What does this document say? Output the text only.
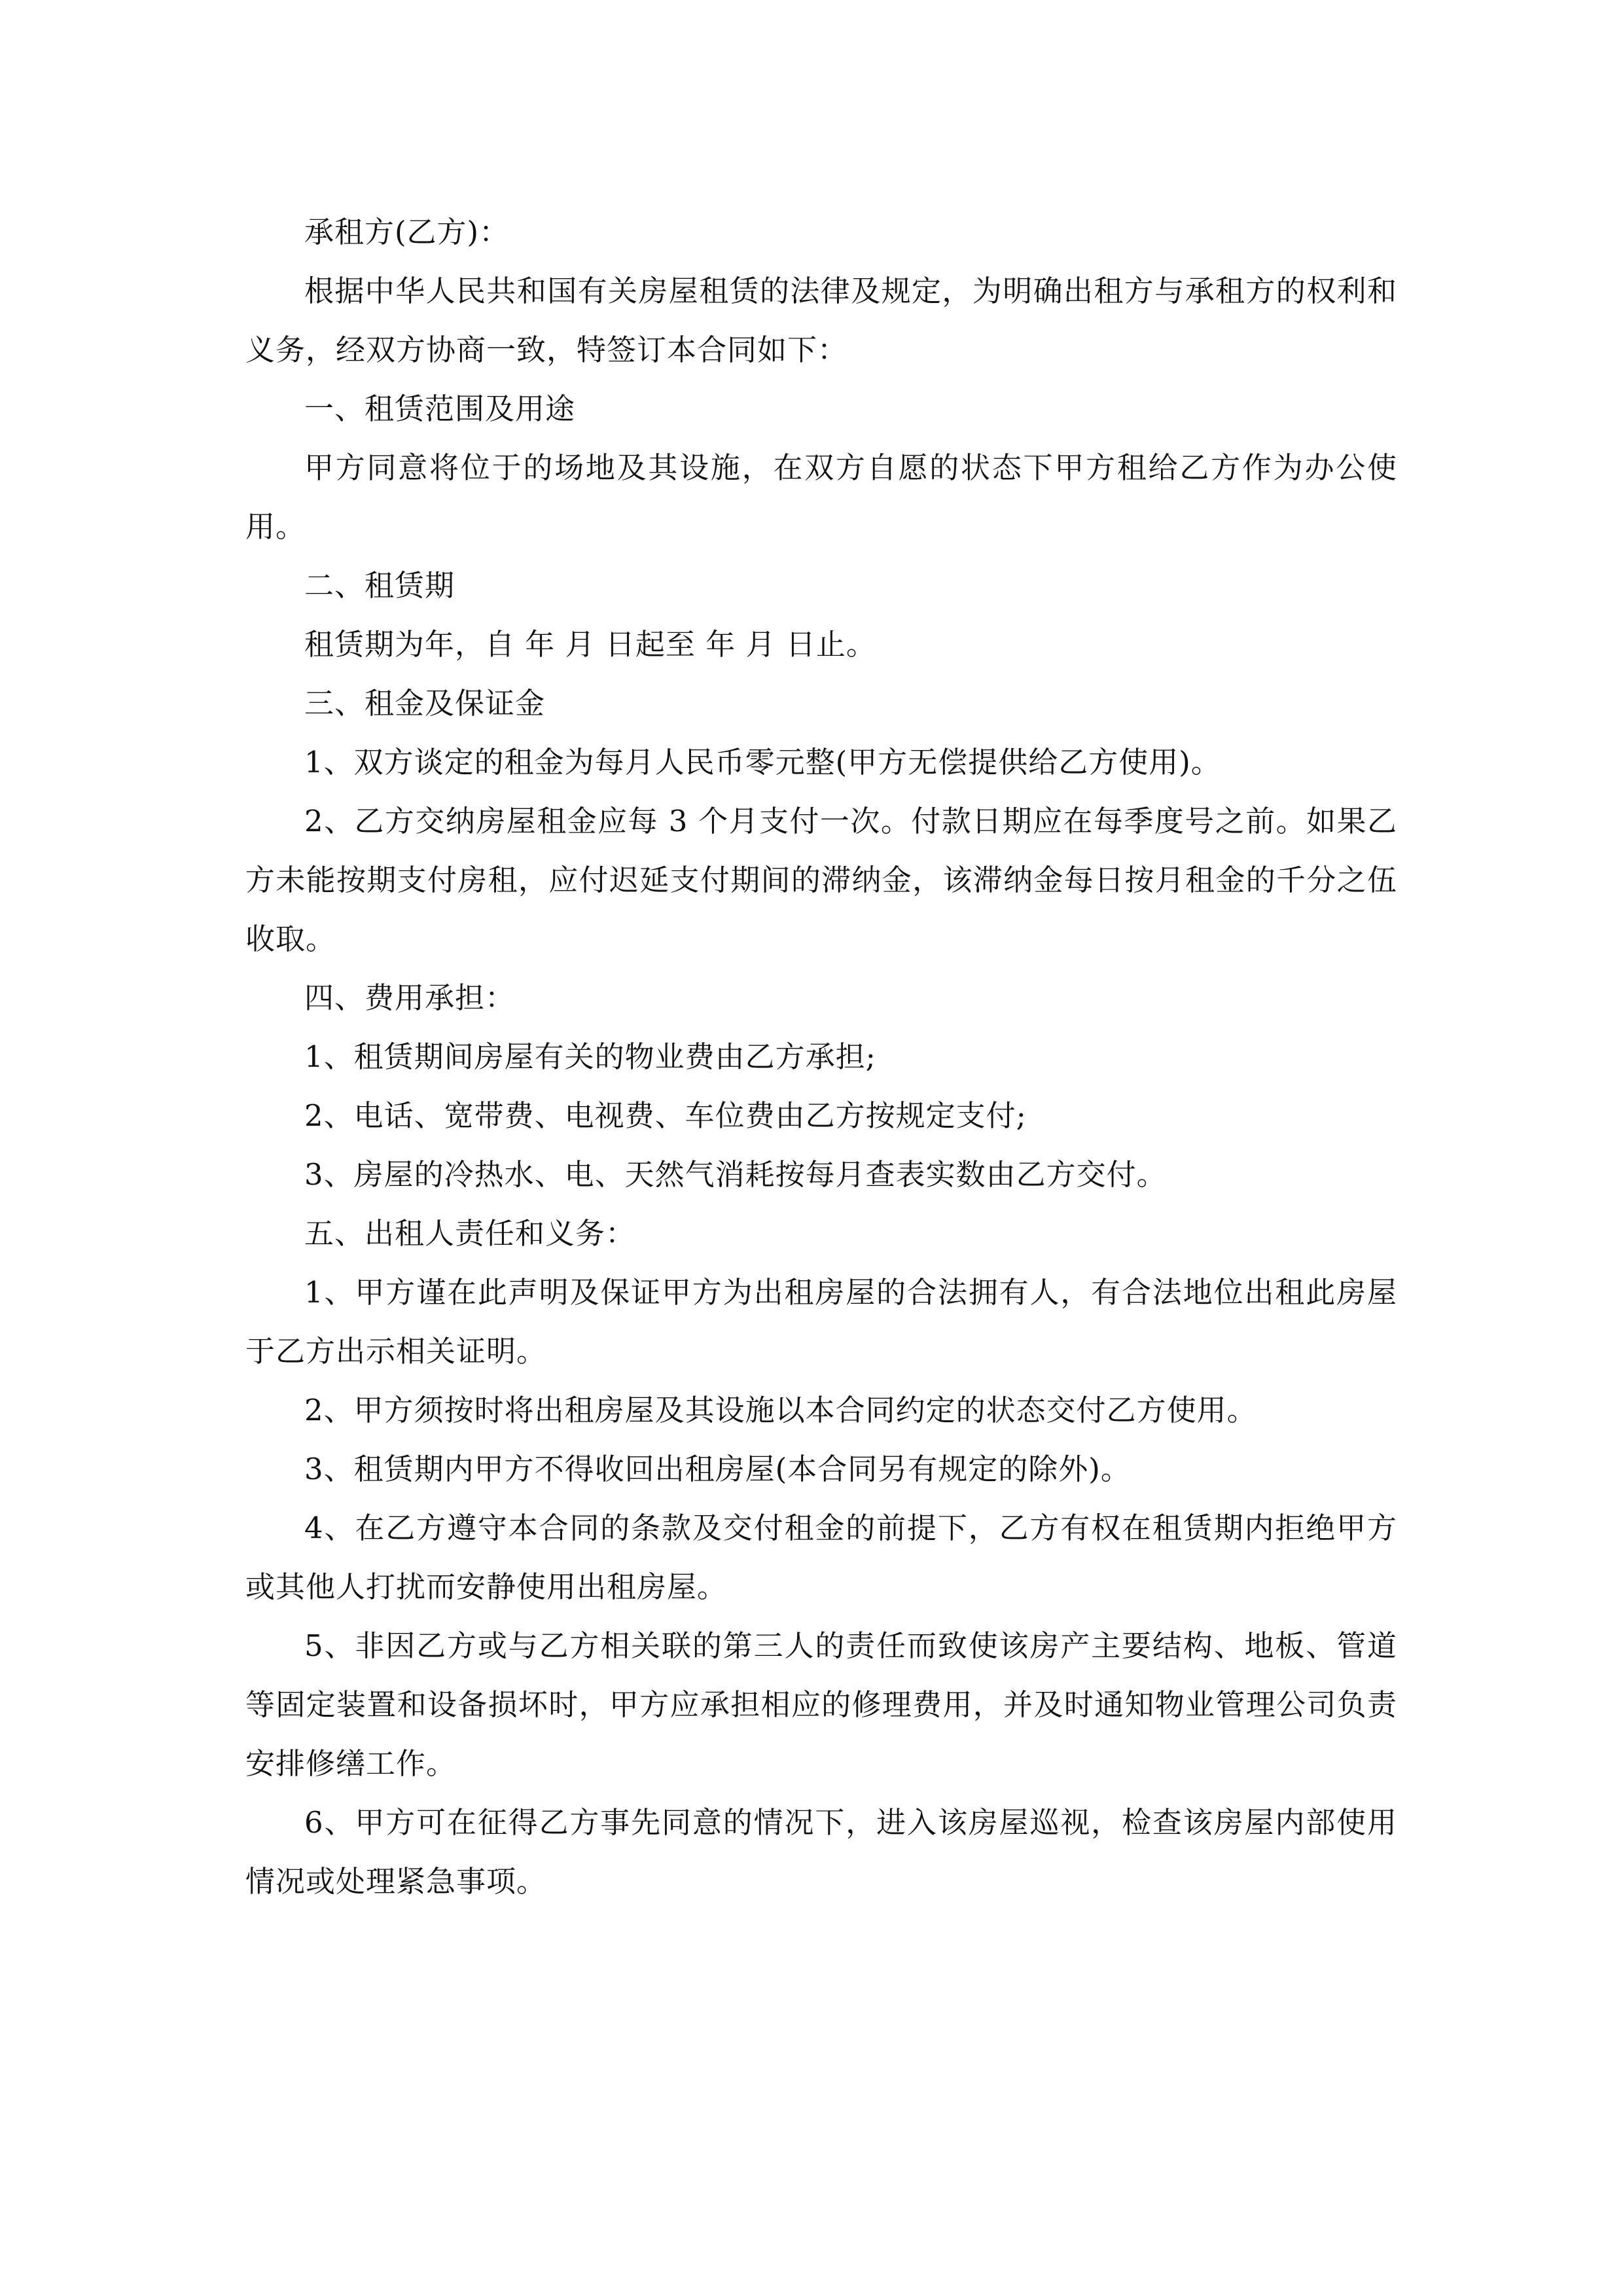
承租方(乙方)：

根据中华人民共和国有关房屋租赁的法律及规定，为明确出租方与承租方的权利和义务，经双方协商一致，特签订本合同如下：

一、租赁范围及用途

甲方同意将位于的场地及其设施，在双方自愿的状态下甲方租给乙方作为办公使用。

二、租赁期

租赁期为年，自 年 月 日起至 年 月 日止。

三、租金及保证金

1、双方谈定的租金为每月人民币零元整(甲方无偿提供给乙方使用)。

2、乙方交纳房屋租金应每 3 个月支付一次。付款日期应在每季度号之前。如果乙方未能按期支付房租，应付迟延支付期间的滞纳金，该滞纳金每日按月租金的千分之伍收取。

四、费用承担：

1、租赁期间房屋有关的物业费由乙方承担;

2、电话、宽带费、电视费、车位费由乙方按规定支付;

3、房屋的冷热水、电、天然气消耗按每月查表实数由乙方交付。

五、出租人责任和义务：

1、甲方谨在此声明及保证甲方为出租房屋的合法拥有人，有合法地位出租此房屋于乙方出示相关证明。

2、甲方须按时将出租房屋及其设施以本合同约定的状态交付乙方使用。

3、租赁期内甲方不得收回出租房屋(本合同另有规定的除外)。

4、在乙方遵守本合同的条款及交付租金的前提下，乙方有权在租赁期内拒绝甲方或其他人打扰而安静使用出租房屋。

5、非因乙方或与乙方相关联的第三人的责任而致使该房产主要结构、地板、管道等固定装置和设备损坏时，甲方应承担相应的修理费用，并及时通知物业管理公司负责安排修缮工作。

6、甲方可在征得乙方事先同意的情况下，进入该房屋巡视，检查该房屋内部使用情况或处理紧急事项。
